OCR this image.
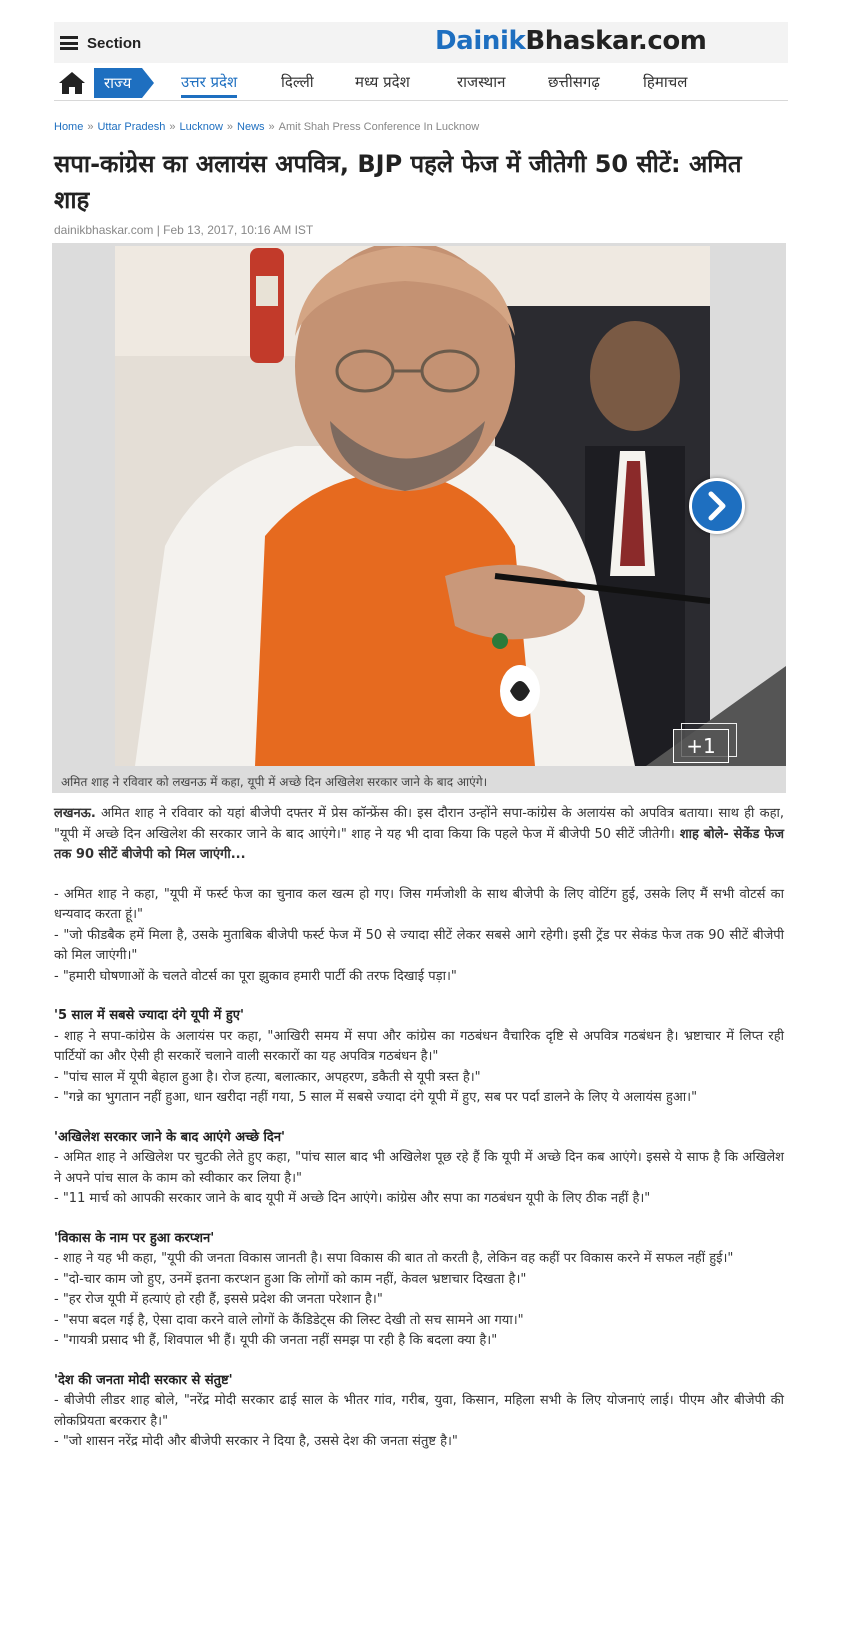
Section	DainikBhaskar.com
राज्य	उत्तर प्रदेश	दिल्ली	मध्य प्रदेश	राजस्थान	छत्तीसगढ़	हिमाचल
Home » Uttar Pradesh » Lucknow » News » Amit Shah Press Conference In Lucknow
सपा-कांग्रेस का अलायंस अपवित्र, BJP पहले फेज में जीतेगी 50 सीटें: अमित शाह
dainikbhaskar.com | Feb 13, 2017, 10:16 AM IST
+1
अमित शाह ने रविवार को लखनऊ में कहा, यूपी में अच्छे दिन अखिलेश सरकार जाने के बाद आएंगे।

लखनऊ. अमित शाह ने रविवार को यहां बीजेपी दफ्तर में प्रेस कॉन्फ्रेंस की। इस दौरान उन्होंने सपा-कांग्रेस के अलायंस को अपवित्र बताया। साथ ही कहा, "यूपी में अच्छे दिन अखिलेश की सरकार जाने के बाद आएंगे।" शाह ने यह भी दावा किया कि पहले फेज में बीजेपी 50 सीटें जीतेगी। शाह बोले- सेकेंड फेज तक 90 सीटें बीजेपी को मिल जाएंगी...

- अमित शाह ने कहा, "यूपी में फर्स्ट फेज का चुनाव कल खत्म हो गए। जिस गर्मजोशी के साथ बीजेपी के लिए वोटिंग हुई, उसके लिए मैं सभी वोटर्स का धन्यवाद करता हूं।"

- "जो फीडबैक हमें मिला है, उसके मुताबिक बीजेपी फर्स्ट फेज में 50 से ज्यादा सीटें लेकर सबसे आगे रहेगी। इसी ट्रेंड पर सेकंड फेज तक 90 सीटें बीजेपी को मिल जाएंगी।"

- "हमारी घोषणाओं के चलते वोटर्स का पूरा झुकाव हमारी पार्टी की तरफ दिखाई पड़ा।"

'5 साल में सबसे ज्यादा दंगे यूपी में हुए'

- शाह ने सपा-कांग्रेस के अलायंस पर कहा, "आखिरी समय में सपा और कांग्रेस का गठबंधन वैचारिक दृष्टि से अपवित्र गठबंधन है। भ्रष्टाचार में लिप्त रही पार्टियों का और ऐसी ही सरकारें चलाने वाली सरकारों का यह अपवित्र गठबंधन है।"

- "पांच साल में यूपी बेहाल हुआ है। रोज हत्या, बलात्कार, अपहरण, डकैती से यूपी त्रस्त है।"

- "गन्ने का भुगतान नहीं हुआ, धान खरीदा नहीं गया, 5 साल में सबसे ज्यादा दंगे यूपी में हुए, सब पर पर्दा डालने के लिए ये अलायंस हुआ।"

'अखिलेश सरकार जाने के बाद आएंगे अच्छे दिन'

- अमित शाह ने अखिलेश पर चुटकी लेते हुए कहा, "पांच साल बाद भी अखिलेश पूछ रहे हैं कि यूपी में अच्छे दिन कब आएंगे। इससे ये साफ है कि अखिलेश ने अपने पांच साल के काम को स्वीकार कर लिया है।"

- "11 मार्च को आपकी सरकार जाने के बाद यूपी में अच्छे दिन आएंगे। कांग्रेस और सपा का गठबंधन यूपी के लिए ठीक नहीं है।"

'विकास के नाम पर हुआ करप्शन'

- शाह ने यह भी कहा, "यूपी की जनता विकास जानती है। सपा विकास की बात तो करती है, लेकिन वह कहीं पर विकास करने में सफल नहीं हुई।"

- "दो-चार काम जो हुए, उनमें इतना करप्शन हुआ कि लोगों को काम नहीं, केवल भ्रष्टाचार दिखता है।"

- "हर रोज यूपी में हत्याएं हो रही हैं, इससे प्रदेश की जनता परेशान है।"

- "सपा बदल गई है, ऐसा दावा करने वाले लोगों के कैंडिडेट्स की लिस्ट देखी तो सच सामने आ गया।"

- "गायत्री प्रसाद भी हैं, शिवपाल भी हैं। यूपी की जनता नहीं समझ पा रही है कि बदला क्या है।"

'देश की जनता मोदी सरकार से संतुष्ट'

- बीजेपी लीडर शाह बोले, "नरेंद्र मोदी सरकार ढाई साल के भीतर गांव, गरीब, युवा, किसान, महिला सभी के लिए योजनाएं लाई। पीएम और बीजेपी की लोकप्रियता बरकरार है।"

- "जो शासन नरेंद्र मोदी और बीजेपी सरकार ने दिया है, उससे देश की जनता संतुष्ट है।"
